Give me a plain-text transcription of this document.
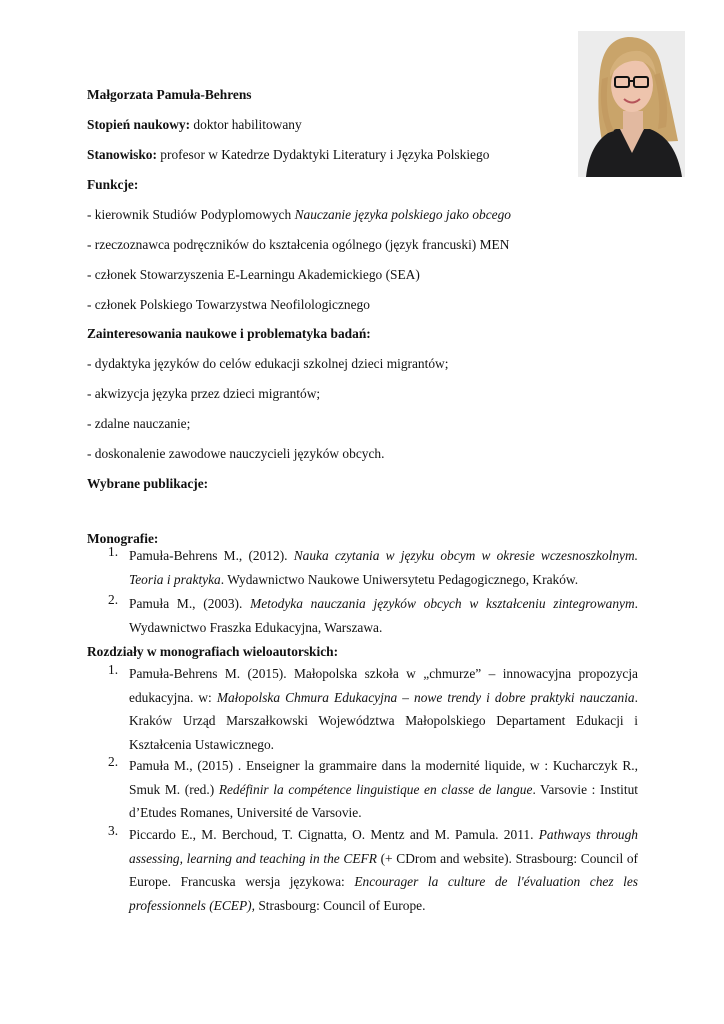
Małgorzata Pamuła-Behrens
Stopień naukowy: doktor habilitowany
Stanowisko: profesor w Katedrze Dydaktyki Literatury i Języka Polskiego
Funkcje:
- kierownik Studiów Podyplomowych Nauczanie języka polskiego jako obcego
- rzeczoznawca podręczników do kształcenia ogólnego (język francuski) MEN
- członek Stowarzyszenia E-Learningu Akademickiego (SEA)
- członek Polskiego Towarzystwa Neofilologicznego
Zainteresowania naukowe i problematyka badań:
- dydaktyka języków do celów edukacji szkolnej dzieci migrantów;
- akwizycja języka przez dzieci migrantów;
- zdalne nauczanie;
- doskonalenie zawodowe nauczycieli języków obcych.
Wybrane publikacje:
Monografie:
1. Pamuła-Behrens M., (2012). Nauka czytania w języku obcym w okresie wczesnoszkolnym. Teoria i praktyka. Wydawnictwo Naukowe Uniwersytetu Pedagogicznego, Kraków.
2. Pamuła M., (2003). Metodyka nauczania języków obcych w kształceniu zintegrowanym. Wydawnictwo Fraszka Edukacyjna, Warszawa.
Rozdziały w monografiach wieloautorskich:
1. Pamuła-Behrens M. (2015). Małopolska szkoła w „chmurze” – innowacyjna propozycja edukacyjna. w: Małopolska Chmura Edukacyjna – nowe trendy i dobre praktyki nauczania. Kraków Urząd Marszałkowski Województwa Małopolskiego Departament Edukacji i Kształcenia Ustawicznego.
2. Pamuła M., (2015) . Enseigner la grammaire dans la modernité liquide, w : Kucharczyk R., Smuk M. (red.) Redéfinir la compétence linguistique en classe de langue. Varsovie : Institut d’Etudes Romanes, Université de Varsovie.
3. Piccardo E., M. Berchoud, T. Cignatta, O. Mentz and M. Pamula. 2011. Pathways through assessing, learning and teaching in the CEFR (+ CDrom and website). Strasbourg: Council of Europe. Francuska wersja językowa: Encourager la culture de l'évaluation chez les professionnels (ECEP), Strasbourg: Council of Europe.
